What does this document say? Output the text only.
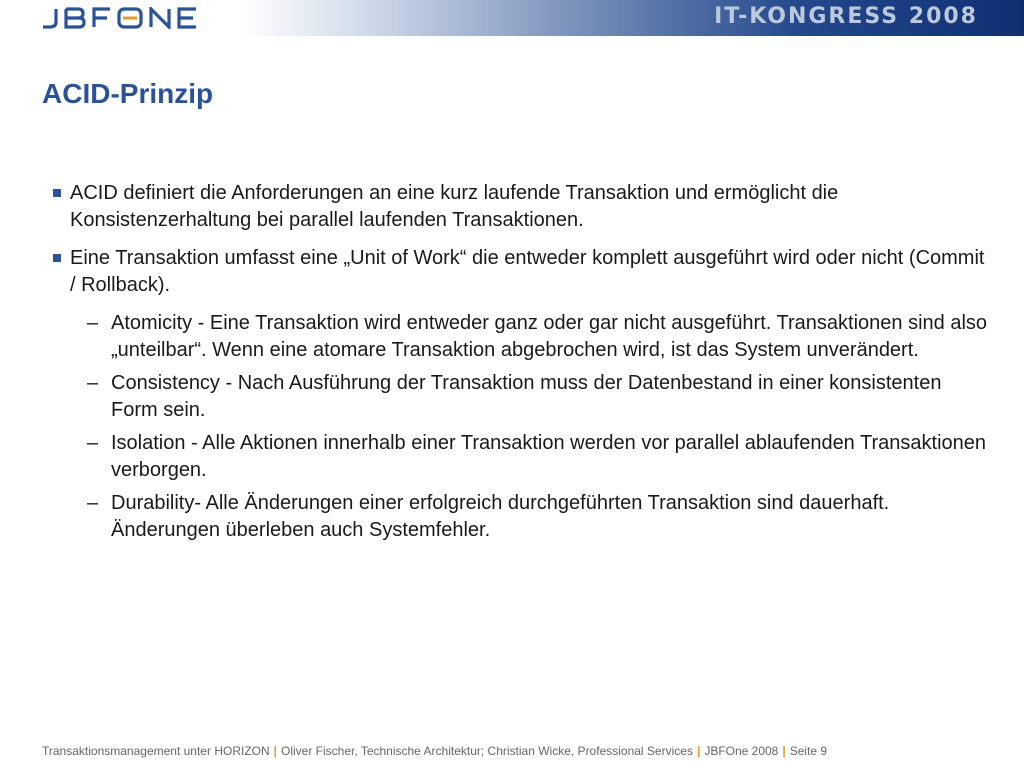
IT-KONGRESS 2008
ACID-Prinzip
ACID definiert die Anforderungen an eine kurz laufende Transaktion und ermöglicht die Konsistenzerhaltung bei parallel laufenden Transaktionen.
Eine Transaktion umfasst eine „Unit of Work“ die entweder komplett ausgeführt wird oder nicht (Commit / Rollback).
– Atomicity - Eine Transaktion wird entweder ganz oder gar nicht ausgeführt. Transaktionen sind also „unteilbar“. Wenn eine atomare Transaktion abgebrochen wird, ist das System unverändert.
– Consistency - Nach Ausführung der Transaktion muss der Datenbestand in einer konsistenten Form sein.
– Isolation - Alle Aktionen innerhalb einer Transaktion werden vor parallel ablaufenden Transaktionen verborgen.
– Durability- Alle Änderungen einer erfolgreich durchgeführten Transaktion sind dauerhaft. Änderungen überleben auch Systemfehler.
Transaktionsmanagement unter HORIZON | Oliver Fischer, Technische Architektur; Christian Wicke, Professional Services | JBFOne 2008 | Seite 9
